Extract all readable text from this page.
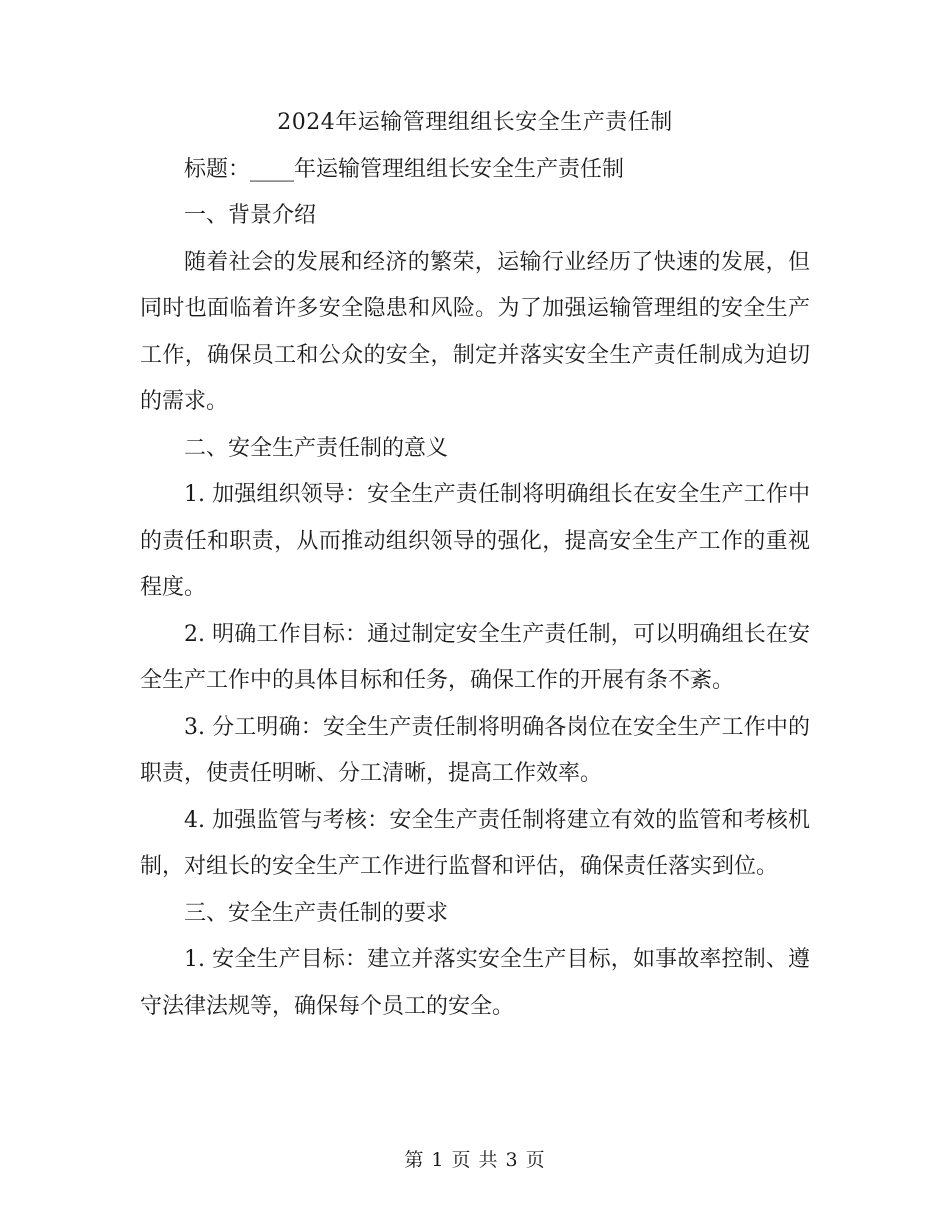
2024年运输管理组组长安全生产责任制

标题：____年运输管理组组长安全生产责任制

一、背景介绍

随着社会的发展和经济的繁荣，运输行业经历了快速的发展，但同时也面临着许多安全隐患和风险。为了加强运输管理组的安全生产工作，确保员工和公众的安全，制定并落实安全生产责任制成为迫切的需求。

二、安全生产责任制的意义

1. 加强组织领导：安全生产责任制将明确组长在安全生产工作中的责任和职责，从而推动组织领导的强化，提高安全生产工作的重视程度。

2. 明确工作目标：通过制定安全生产责任制，可以明确组长在安全生产工作中的具体目标和任务，确保工作的开展有条不紊。

3. 分工明确：安全生产责任制将明确各岗位在安全生产工作中的职责，使责任明晰、分工清晰，提高工作效率。

4. 加强监管与考核：安全生产责任制将建立有效的监管和考核机制，对组长的安全生产工作进行监督和评估，确保责任落实到位。

三、安全生产责任制的要求

1. 安全生产目标：建立并落实安全生产目标，如事故率控制、遵守法律法规等，确保每个员工的安全。

第 1 页 共 3 页
